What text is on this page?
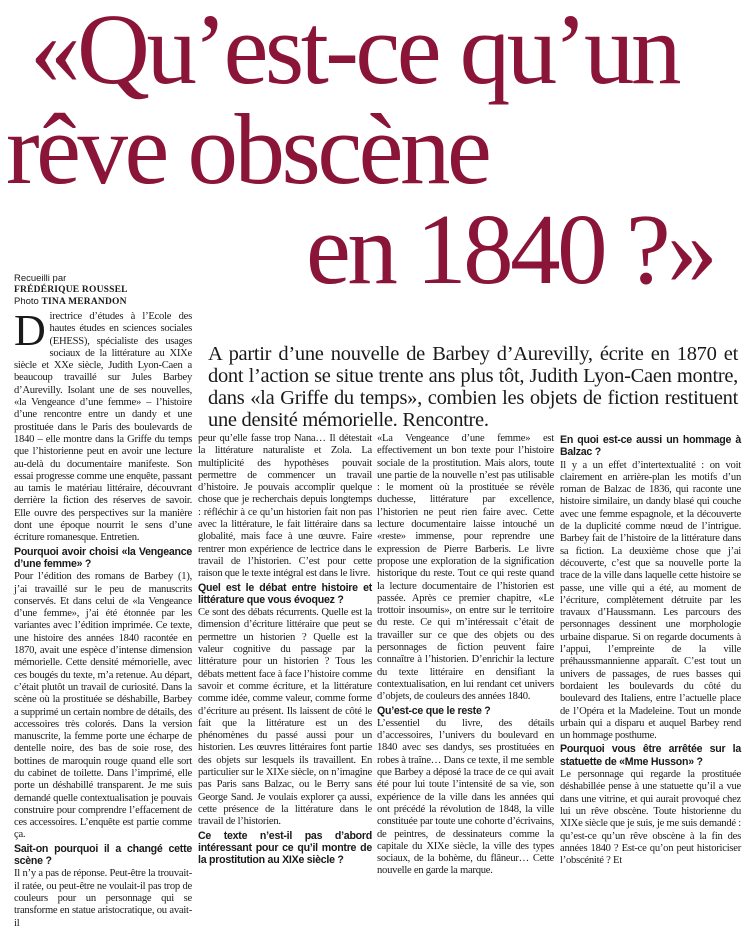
«Qu’est-ce qu’un
rêve obscène
en 1840 ?»
Recueilli par
FRÉDÉRIQUE ROUSSEL
Photo TINA MERANDON

A partir d’une nouvelle de Barbey d’Aurevilly, écrite en 1870 et dont l’action se situe trente ans plus tôt, Judith Lyon-Caen montre, dans «la Griffe du temps», combien les objets de fiction restituent une densité mémorielle. Rencontre.

Directrice d’études à l’Ecole des hautes études en sciences sociales (EHESS), spécialiste des usages sociaux de la littérature au XIXe siècle et XXe siècle, Judith Lyon-Caen a beaucoup travaillé sur Jules Barbey d’Aurevilly. Isolant une de ses nouvelles, «la Vengeance d’une femme» – l’histoire d’une rencontre entre un dandy et une prostituée dans le Paris des boulevards de 1840 – elle montre dans la Griffe du temps que l’historienne peut en avoir une lecture au-delà du documentaire manifeste. Son essai progresse comme une enquête, passant au tamis le matériau littéraire, découvrant derrière la fiction des réserves de savoir. Elle ouvre des perspectives sur la manière dont une époque nourrit le sens d’une écriture romanesque. Entretien.

Pourquoi avoir choisi «la Vengeance d’une femme» ?

Pour l’édition des romans de Barbey (1), j’ai travaillé sur le peu de manuscrits conservés. Et dans celui de «la Vengeance d’une femme», j’ai été étonnée par les variantes avec l’édition imprimée. Ce texte, une histoire des années 1840 racontée en 1870, avait une espèce d’intense dimension mémorielle. Cette densité mémorielle, avec ces bougés du texte, m’a retenue. Au départ, c’était plutôt un travail de curiosité. Dans la scène où la prostituée se déshabille, Barbey a supprimé un certain nombre de détails, des accessoires très colorés. Dans la version manuscrite, la femme porte une écharpe de dentelle noire, des bas de soie rose, des bottines de maroquin rouge quand elle sort du cabinet de toilette. Dans l’imprimé, elle porte un déshabillé transparent. Je me suis demandé quelle contextualisation je pouvais construire pour comprendre l’effacement de ces accessoires. L’enquête est partie comme ça.

Sait-on pourquoi il a changé cette scène ?

Il n’y a pas de réponse. Peut-être la trouvait-il ratée, ou peut-être ne voulait-il pas trop de couleurs pour un personnage qui se transforme en statue aristocratique, ou avait-il

peur qu’elle fasse trop Nana… Il détestait la littérature naturaliste et Zola. La multiplicité des hypothèses pouvait permettre de commencer un travail d’histoire. Je pouvais accomplir quelque chose que je recherchais depuis longtemps : réfléchir à ce qu’un historien fait non pas avec la littérature, le fait littéraire dans sa globalité, mais face à une œuvre. Faire rentrer mon expérience de lectrice dans le travail de l’historien. C’est pour cette raison que le texte intégral est dans le livre.

Quel est le débat entre histoire et littérature que vous évoquez ?

Ce sont des débats récurrents. Quelle est la dimension d’écriture littéraire que peut se permettre un historien ? Quelle est la valeur cognitive du passage par la littérature pour un historien ? Tous les débats mettent face à face l’histoire comme savoir et comme écriture, et la littérature comme idée, comme valeur, comme forme d’écriture au présent. Ils laissent de côté le fait que la littérature est un des phénomènes du passé aussi pour un historien. Les œuvres littéraires font partie des objets sur lesquels ils travaillent. En particulier sur le XIXe siècle, on n’imagine pas Paris sans Balzac, ou le Berry sans George Sand. Je voulais explorer ça aussi, cette présence de la littérature dans le travail de l’historien.

Ce texte n’est-il pas d’abord intéressant pour ce qu’il montre de la prostitution au XIXe siècle ?

«La Vengeance d’une femme» est effectivement un bon texte pour l’histoire sociale de la prostitution. Mais alors, toute une partie de la nouvelle n’est pas utilisable : le moment où la prostituée se révèle duchesse, littérature par excellence, l’historien ne peut rien faire avec. Cette lecture documentaire laisse intouché un «reste» immense, pour reprendre une expression de Pierre Barberis. Le livre propose une exploration de la signification historique du reste. Tout ce qui reste quand la lecture documentaire de l’historien est passée. Après ce premier chapitre, «Le trottoir insoumis», on entre sur le territoire du reste. Ce qui m’intéressait c’était de travailler sur ce que des objets ou des personnages de fiction peuvent faire connaître à l’historien. D’enrichir la lecture du texte littéraire en densifiant la contextualisation, en lui rendant cet univers d’objets, de couleurs des années 1840.

Qu’est-ce que le reste ?

L’essentiel du livre, des détails d’accessoires, l’univers du boulevard en 1840 avec ses dandys, ses prostituées en robes à traîne… Dans ce texte, il me semble que Barbey a déposé la trace de ce qui avait été pour lui toute l’intensité de sa vie, son expérience de la ville dans les années qui ont précédé la révolution de 1848, la ville constituée par toute une cohorte d’écrivains, de peintres, de dessinateurs comme la capitale du XIXe siècle, la ville des types sociaux, de la bohème, du flâneur… Cette nouvelle en garde la marque.

En quoi est-ce aussi un hommage à Balzac ?

Il y a un effet d’intertextualité : on voit clairement en arrière-plan les motifs d’un roman de Balzac de 1836, qui raconte une histoire similaire, un dandy blasé qui couche avec une femme espagnole, et la découverte de la duplicité comme nœud de l’intrigue. Barbey fait de l’histoire de la littérature dans sa fiction. La deuxième chose que j’ai découverte, c’est que sa nouvelle porte la trace de la ville dans laquelle cette histoire se passe, une ville qui a été, au moment de l’écriture, complètement détruite par les travaux d’Haussmann. Les parcours des personnages dessinent une morphologie urbaine disparue. Si on regarde documents à l’appui, l’empreinte de la ville préhaussmannienne apparaît. C’est tout un univers de passages, de rues basses qui bordaient les boulevards du côté du boulevard des Italiens, entre l’actuelle place de l’Opéra et la Madeleine. Tout un monde urbain qui a disparu et auquel Barbey rend un hommage posthume.

Pourquoi vous être arrêtée sur la statuette de «Mme Husson» ?

Le personnage qui regarde la prostituée déshabillée pense à une statuette qu’il a vue dans une vitrine, et qui aurait provoqué chez lui un rêve obscène. Toute historienne du XIXe siècle que je suis, je me suis demandé : qu’est-ce qu’un rêve obscène à la fin des années 1840 ? Est-ce qu’on peut historiciser l’obscénité ? Et
